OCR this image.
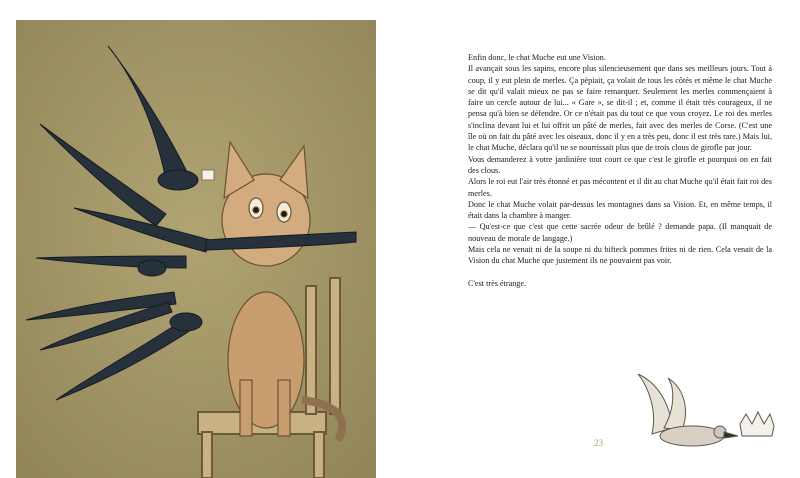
Enfin donc, le chat Muche eut une Vision.

Il avançait sous les sapins, encore plus silencieusement que dans ses meilleurs jours. Tout à coup, il y eut plein de merles. Ça pépiait, ça volait de tous les côtés et même le chat Muche se dit qu'il valait mieux ne pas se faire remarquer. Seulement les merles commençaient à faire un cercle autour de lui... « Gare », se dit-il ; et, comme il était très courageux, il ne pensa qu'à bien se défendre. Or ce n'était pas du tout ce que vous croyez. Le roi des merles s'inclina devant lui et lui offrit un pâté de merles, fait avec des merles de Corse. (C'est une île où on fait du pâté avec les oiseaux, donc il y en a très peu, donc il est très rare.) Mais lui, le chat Muche, déclara qu'il ne se nourrissait plus que de trois clous de girofle par jour.

Vous demanderez à votre jardinière tout court ce que c'est le girofle et pourquoi on en fait des clous.

Alors le roi eut l'air très étonné et pas mécontent et il dit au chat Muche qu'il était fait roi des merles.

Donc le chat Muche volait par-dessus les montagnes dans sa Vision. Et, en même temps, il était dans la chambre à manger.

— Qu'est-ce que c'est que cette sacrée odeur de brûlé ? demande papa. (Il manquait de nouveau de morale de langage.)

Mais cela ne venait ni de la soupe ni du bifteck pommes frites ni de rien. Cela venait de la Vision du chat Muche que justement ils ne pouvaient pas voir.

C'est très étrange.

23
